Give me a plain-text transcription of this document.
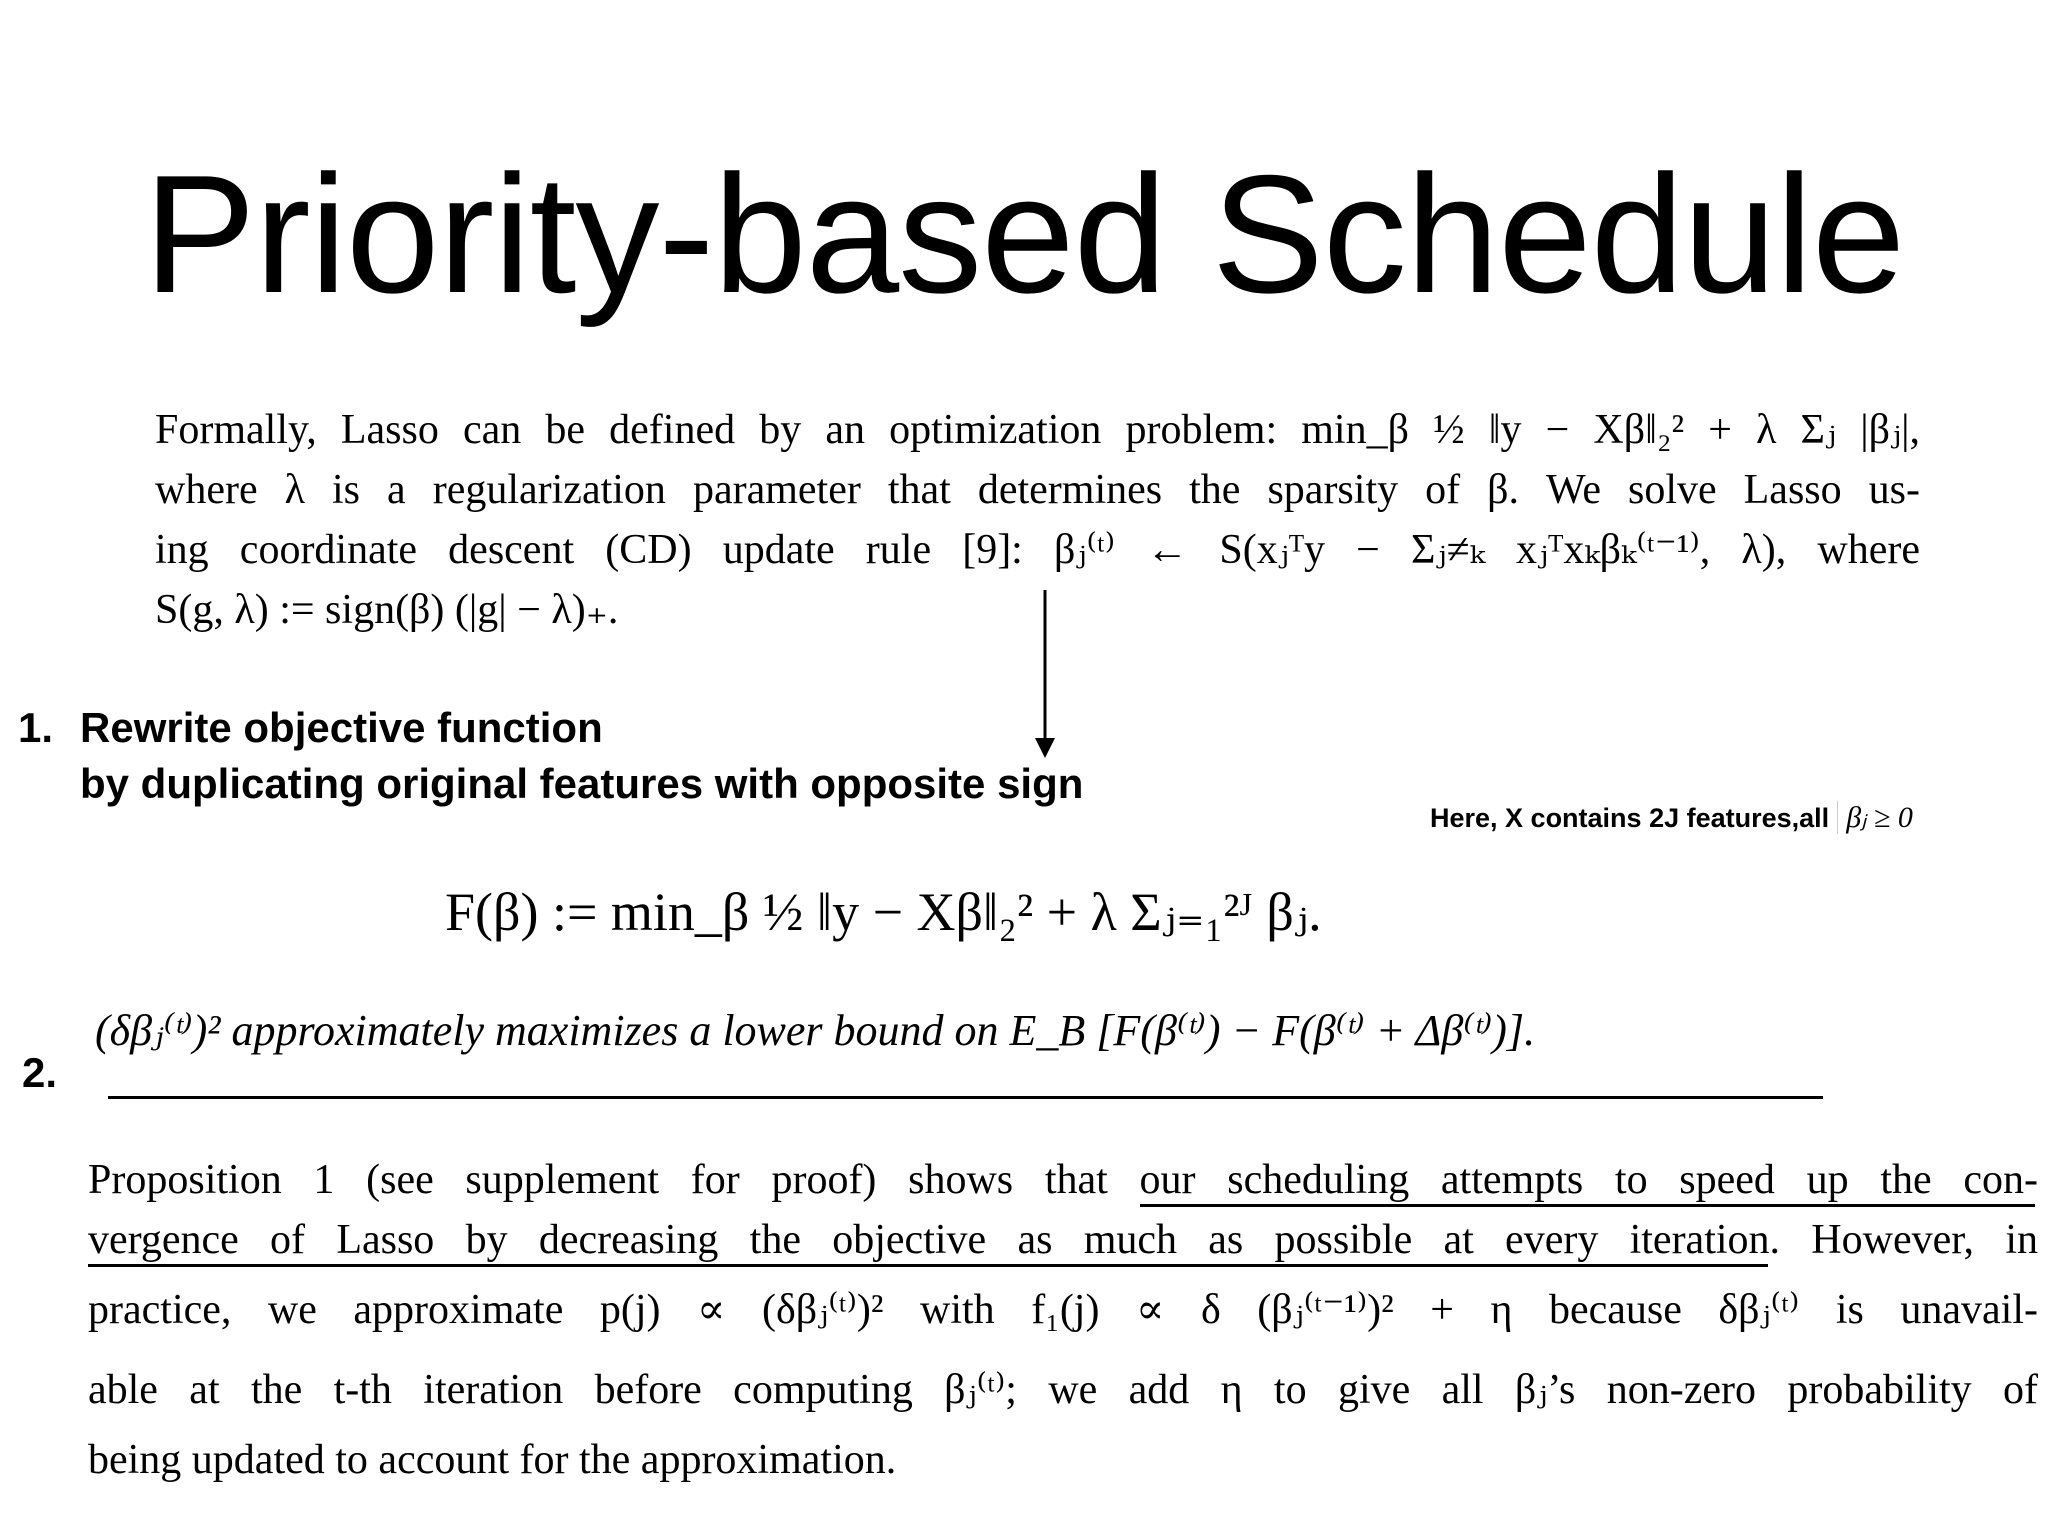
Priority-based Schedule
Formally, Lasso can be defined by an optimization problem: min_β ½ ‖y − Xβ‖₂² + λ Σⱼ |βⱼ|,
where λ is a regularization parameter that determines the sparsity of β. We solve Lasso us-
ing coordinate descent (CD) update rule [9]: βⱼ⁽ᵗ⁾ ← S(xⱼᵀy − Σⱼ≠ₖ xⱼᵀxₖβₖ⁽ᵗ⁻¹⁾, λ), where
S(g, λ) := sign(β) (|g| − λ)₊.
1. Rewrite objective function
by duplicating original features with opposite sign
Here, X contains 2J features,all βⱼ ≥ 0
F(β) := min_β ½ ‖y − Xβ‖₂² + λ Σⱼ₌₁²ᴶ βⱼ.
2.
(δβⱼ⁽ᵗ⁾)² approximately maximizes a lower bound on E_B [F(β⁽ᵗ⁾) − F(β⁽ᵗ⁾ + Δβ⁽ᵗ⁾)].
Proposition 1 (see supplement for proof) shows that our scheduling attempts to speed up the con-
vergence of Lasso by decreasing the objective as much as possible at every iteration. However, in
practice, we approximate p(j) ∝ (δβⱼ⁽ᵗ⁾)² with f₁(j) ∝ δ (βⱼ⁽ᵗ⁻¹⁾)² + η because δβⱼ⁽ᵗ⁾ is unavail-
able at the t-th iteration before computing βⱼ⁽ᵗ⁾; we add η to give all βⱼ’s non-zero probability of
being updated to account for the approximation.
